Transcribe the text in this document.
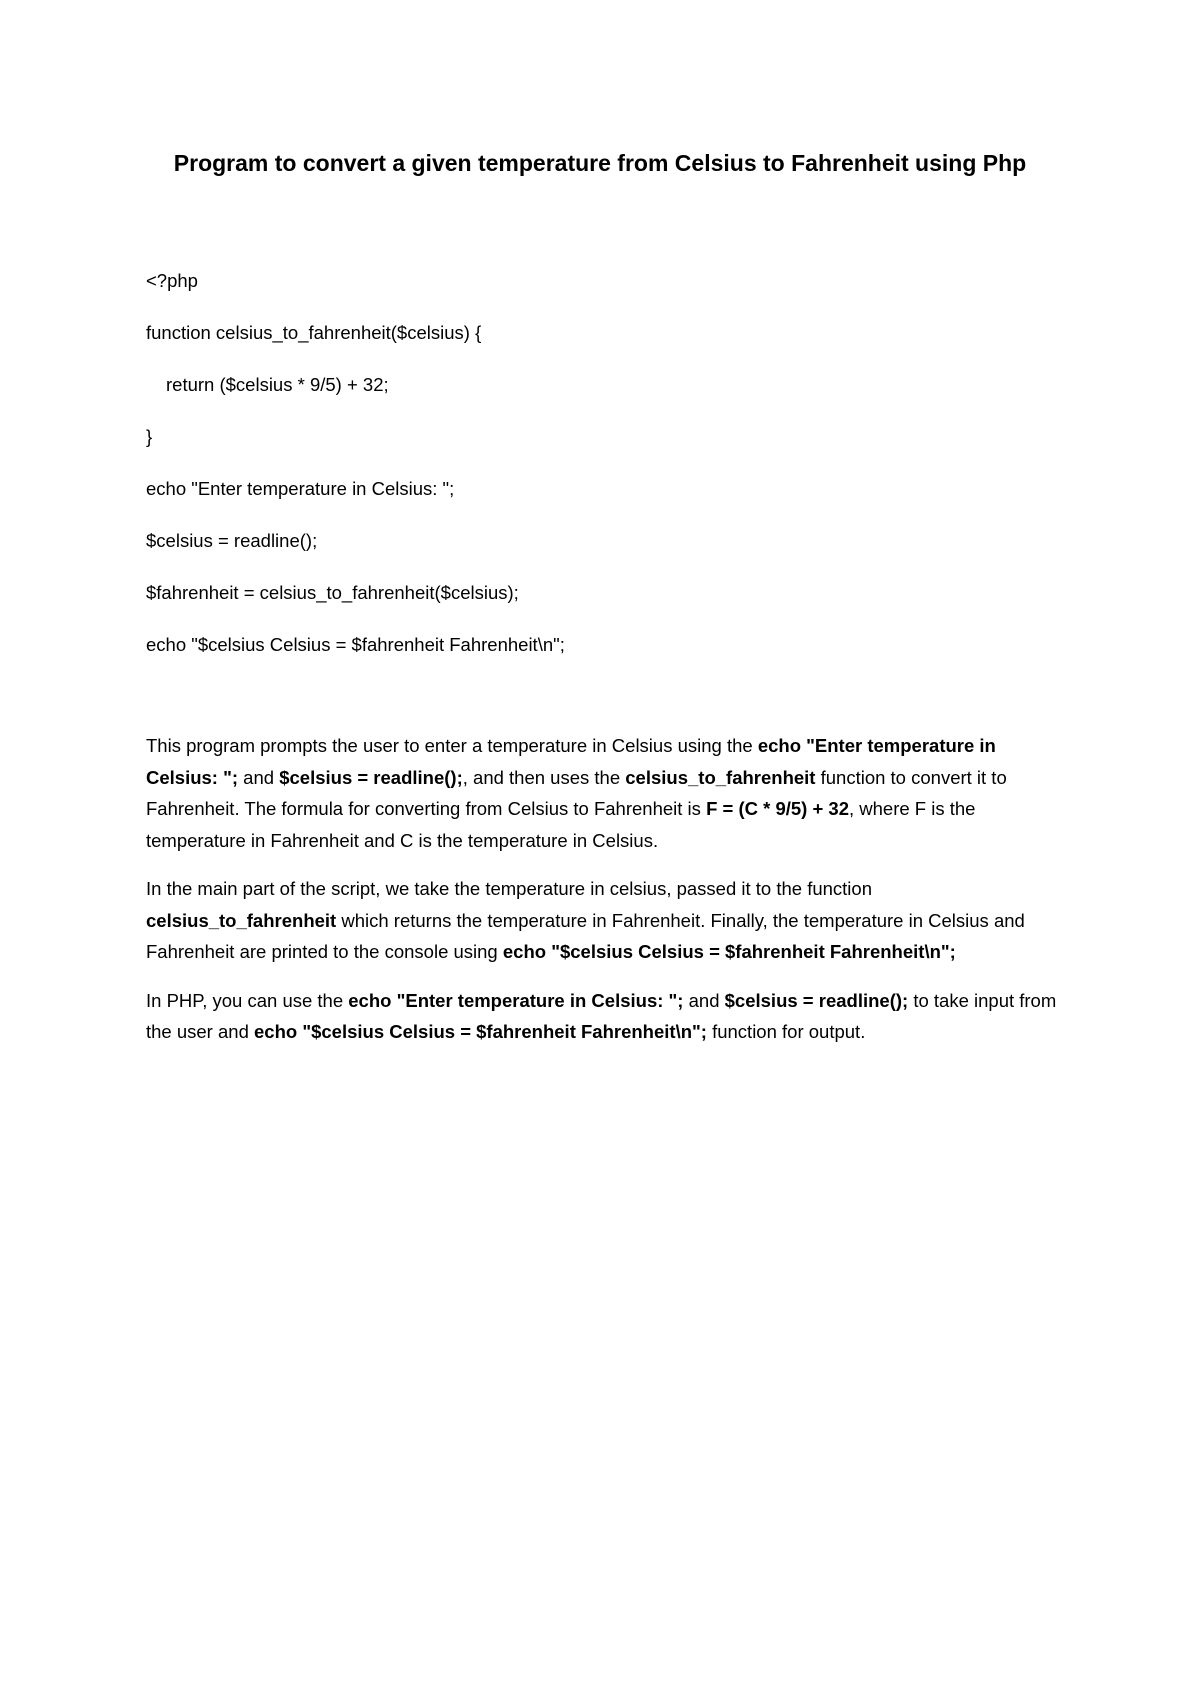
Program to convert a given temperature from Celsius to Fahrenheit using Php
<?php
function celsius_to_fahrenheit($celsius) {
return ($celsius * 9/5) + 32;
}
echo "Enter temperature in Celsius: ";
$celsius = readline();
$fahrenheit = celsius_to_fahrenheit($celsius);
echo "$celsius Celsius = $fahrenheit Fahrenheit\n";

This program prompts the user to enter a temperature in Celsius using the echo "Enter temperature in Celsius: "; and $celsius = readline();, and then uses the celsius_to_fahrenheit function to convert it to Fahrenheit. The formula for converting from Celsius to Fahrenheit is F = (C * 9/5) + 32, where F is the temperature in Fahrenheit and C is the temperature in Celsius.

In the main part of the script, we take the temperature in celsius, passed it to the function celsius_to_fahrenheit which returns the temperature in Fahrenheit. Finally, the temperature in Celsius and Fahrenheit are printed to the console using echo "$celsius Celsius = $fahrenheit Fahrenheit\n";

In PHP, you can use the echo "Enter temperature in Celsius: "; and $celsius = readline(); to take input from the user and echo "$celsius Celsius = $fahrenheit Fahrenheit\n"; function for output.
